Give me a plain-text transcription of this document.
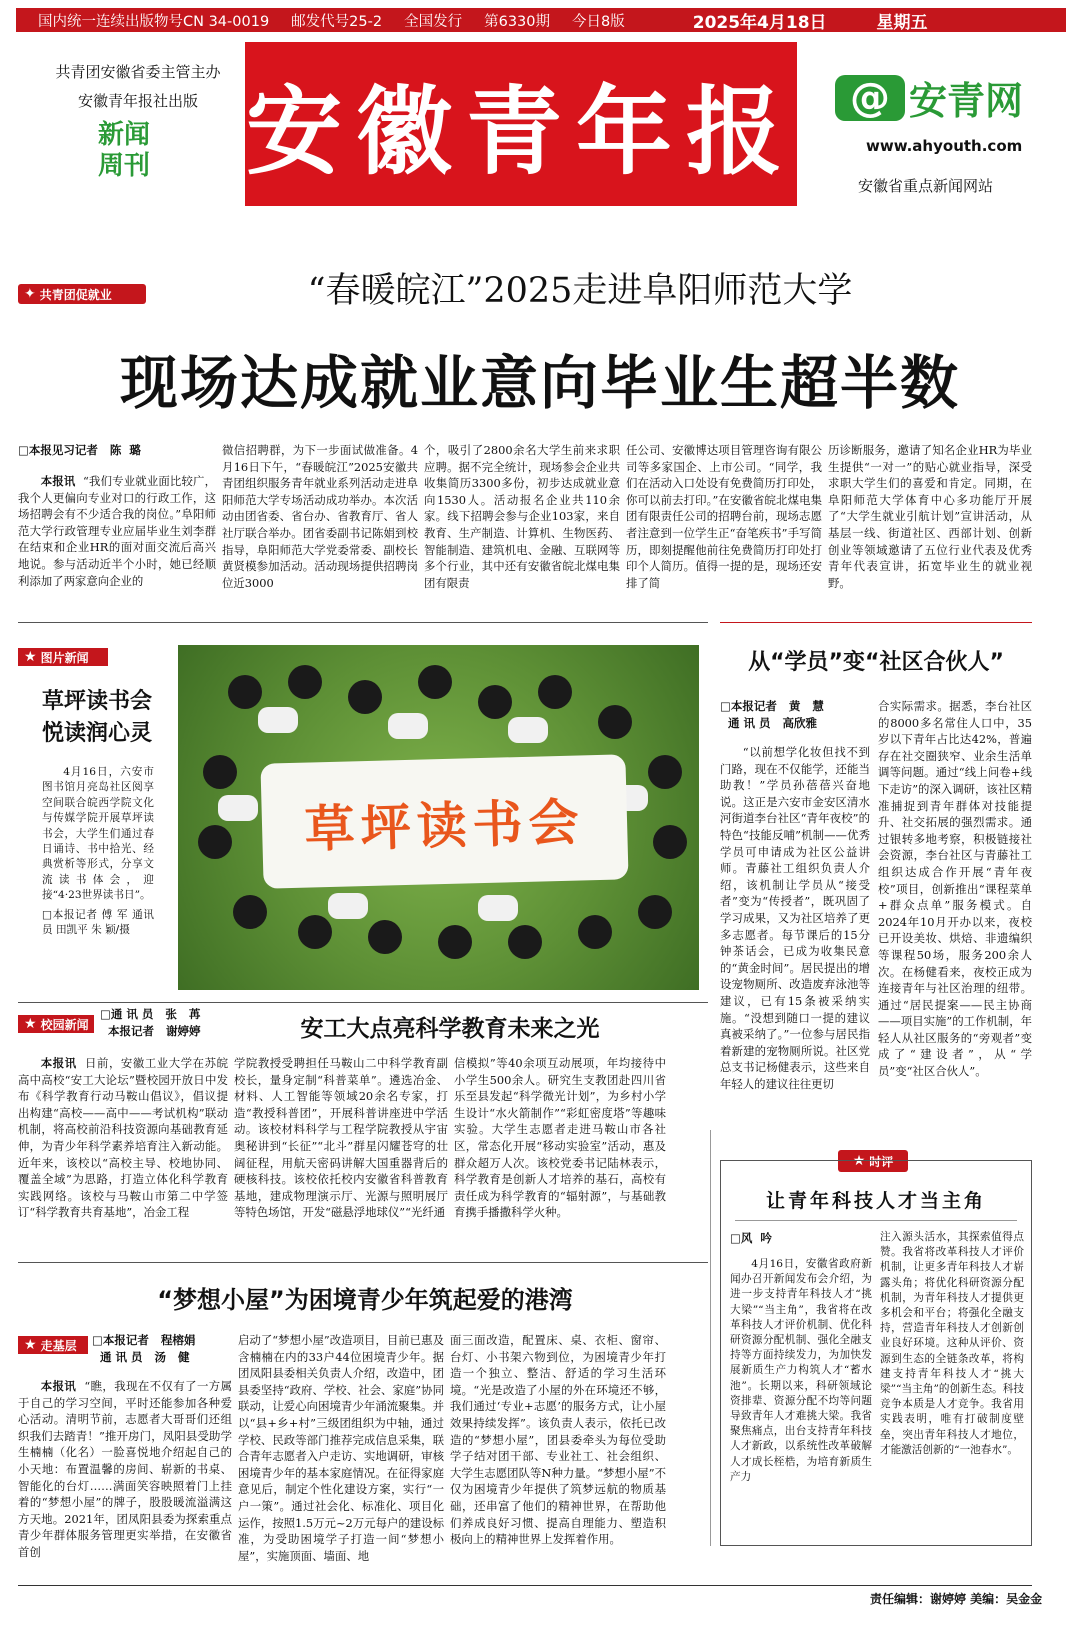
国内统一连续出版物号CN 34-0019	邮发代号25-2	全国发行	第6330期	今日8版	2025年4月18日	星期五
共青团安徽省委主管主办
安徽青年报社出版
新闻
周刊 安徽青年报	@ 安青网
www.ahyouth.com
安徽省重点新闻网站
✦ 共青团促就业	“春暖皖江”2025走进阜阳师范大学
现场达成就业意向毕业生超半数
□本报见习记者   陈  璐

本报讯 “我们专业就业面比较广，我个人更偏向专业对口的行政工作，这场招聘会有不少适合我的岗位。”阜阳师范大学行政管理专业应届毕业生刘李群在结束和企业HR的面对面交流后高兴地说。参与活动近半个小时，她已经顺利添加了两家意向企业的

微信招聘群，为下一步面试做准备。4月16日下午，“春暖皖江”2025安徽共青团组织服务青年就业系列活动走进阜阳师范大学专场活动成功举办。本次活动由团省委、省台办、省教育厅、省人社厅联合举办。团省委副书记陈娟到校指导，阜阳师范大学党委常委、副校长黄贤模参加活动。活动现场提供招聘岗位近3000
个，吸引了2800余名大学生前来求职应聘。据不完全统计，现场参会企业共收集简历3300多份，初步达成就业意向1530人。活动报名企业共110余家。线下招聘会参与企业103家，来自教育、生产制造、计算机、生物医药、智能制造、建筑机电、金融、互联网等多个行业，其中还有安徽省皖北煤电集团有限责
任公司、安徽博达项目管理咨询有限公司等多家国企、上市公司。“同学，我们在活动入口处设有免费简历打印处，你可以前去打印。”在安徽省皖北煤电集团有限责任公司的招聘台前，现场志愿者注意到一位学生正“奋笔疾书”手写简历，即刻提醒他前往免费简历打印处打印个人简历。值得一提的是，现场还安排了简
历诊断服务，邀请了知名企业HR为毕业生提供“一对一”的贴心就业指导，深受求职大学生们的喜爱和肯定。同期，在阜阳师范大学体育中心多功能厅开展了“大学生就业引航计划”宣讲活动，从基层一线、街道社区、西部计划、创新创业等领域邀请了五位行业代表及优秀青年代表宣讲，拓宽毕业生的就业视野。
★ 图片新闻
草坪读书会
悦读润心灵

4月16日，六安市图书馆月亮岛社区阅享空间联合皖西学院文化与传媒学院开展草坪读书会，大学生们通过春日诵诗、书中拾光、经典赏析等形式，分享文流读书体会，迎接“4·23世界读书日”。

□本报记者 傅 军 通讯员 田凯平 朱 颖/摄

草坪读书会
从“学员”变“社区合伙人”
□本报记者   黄   慧
通 讯 员   高欣雅

“以前想学化妆但找不到门路，现在不仅能学，还能当助教！”学员孙蓓蓓兴奋地说。这正是六安市金安区清水河街道李台社区“青年夜校”的特色“技能反哺”机制——优秀学员可申请成为社区公益讲师。青藤社工组织负责人介绍，该机制让学员从“接受者”变为“传授者”，既巩固了学习成果，又为社区培养了更多志愿者。每节课后的15分钟茶话会，已成为收集民意的“黄金时间”。居民提出的增设宠物厕所、改造废弃泳池等建议，已有15条被采纳实施。“没想到随口一提的建议真被采纳了。”一位参与居民指着新建的宠物厕所说。社区党总支书记杨健表示，这些来自年轻人的建议往往更切

合实际需求。据悉，李台社区的8000多名常住人口中，35岁以下青年占比达42%，普遍存在社交圈狭窄、业余生活单调等问题。通过“线上问卷+线下走访”的深入调研，该社区精准捕捉到青年群体对技能提升、社交拓展的强烈需求。通过银转多地考察，积极链接社会资源，李台社区与青藤社工组织达成合作开展“青年夜校”项目，创新推出“课程菜单+群众点单”服务模式。自2024年10月开办以来，夜校已开设美妆、烘焙、非遗编织等课程50场，服务200余人次。在杨健看来，夜校正成为连接青年与社区治理的纽带。通过“居民提案——民主协商——项目实施”的工作机制，年轻人从社区服务的“旁观者”变成了“建设者”，从“学员”变“社区合伙人”。
★ 校园新闻
□通 讯 员   张   苒
本报记者   谢婷婷	安工大点亮科学教育未来之光

本报讯 日前，安徽工业大学在苏皖高中高校“安工大论坛”暨校园开放日中发布《科学教育行动马鞍山倡议》，倡议提出构建“高校——高中——考试机构”联动机制，将高校前沿科技资源向基础教育延伸，为青少年科学素养培育注入新动能。近年来，该校以“高校主导、校地协同、覆盖全域”为思路，打造立体化科学教育实践网络。该校与马鞍山市第二中学签订“科学教育共育基地”，冶金工程

学院教授受聘担任马鞍山二中科学教育副校长，量身定制“科普菜单”。遴选冶金、材料、人工智能等领域20余名专家，打造“教授科普团”，开展科普讲座进中学活动。该校材料科学与工程学院教授从宇宙奥秘讲到“长征”“北斗”群星闪耀苍穹的壮阔征程，用航天密码讲解大国重器背后的硬核科技。该校依托校内安徽省科普教育基地，建成物理演示厅、光源与照明展厅等特色场馆，开发“磁悬浮地球仪”“光纤通
信模拟”等40余项互动展项，年均接待中小学生500余人。研究生支教团赴四川省乐至县发起“科学微光计划”，为乡村小学生设计“水火箭制作”“彩虹密度塔”等趣味实验。大学生志愿者走进马鞍山市各社区，常态化开展“移动实验室”活动，惠及群众超万人次。该校党委书记陆林表示，科学教育是创新人才培养的基石，高校有责任成为科学教育的“辐射源”，与基础教育携手播撒科学火种。
“梦想小屋”为困境青少年筑起爱的港湾
★ 走基层	□本报记者   程榕娟
通 讯 员   汤   健

本报讯 “瞧，我现在不仅有了一方属于自己的学习空间，平时还能参加各种爱心活动。清明节前，志愿者大哥哥们还组织我们去踏青！”推开房门，凤阳县受助学生楠楠（化名）一脸喜悦地介绍起自己的小天地：布置温馨的房间、崭新的书桌、智能化的台灯……满面笑容映照着门上挂着的“梦想小屋”的牌子，股股暖流溢满这方天地。2021年，团凤阳县委为探索重点青少年群体服务管理更实举措，在安徽省首创

启动了“梦想小屋”改造项目，目前已惠及含楠楠在内的33户44位困境青少年。据团凤阳县委相关负责人介绍，改造中，团县委坚持“政府、学校、社会、家庭”协同联动，让爱心向困境青少年涌流聚集。并以“县+乡+村”三级团组织为中轴，通过学校、民政等部门推荐完成信息采集，联合青年志愿者入户走访、实地调研，审核困境青少年的基本家庭情况。在征得家庭意见后，制定个性化建设方案，实行“一户一策”。通过社会化、标准化、项目化运作，按照1.5万元~2万元每户的建设标准，为受助困境学子打造一间“梦想小屋”，实施顶面、墙面、地
面三面改造，配置床、桌、衣柜、窗帘、台灯、小书架六物到位，为困境青少年打造一个独立、整洁、舒适的学习生活环境。“光是改造了小屋的外在环境还不够，我们通过‘专业+志愿’的服务方式，让小屋效果持续发挥”。该负责人表示，依托已改造的“梦想小屋”，团县委牵头为每位受助学子结对团干部、专业社工、社会组织、大学生志愿团队等N种力量。“梦想小屋”不仅为困境青少年提供了筑梦远航的物质基础，还串富了他们的精神世界，在帮助他们养成良好习惯、提高自理能力、塑造积极向上的精神世界上发挥着作用。
★ 时评
让青年科技人才当主角
□风  吟

4月16日，安徽省政府新闻办召开新闻发布会介绍，为进一步支持青年科技人才“挑大梁”“当主角”，我省将在改革科技人才评价机制、优化科研资源分配机制、强化全融支持等方面持续发力，为加快发展新质生产力构筑人才“蓄水池”。长期以来，科研领域论资排辈、资源分配不均等问题导致青年人才难挑大梁。我省聚焦痛点，出台支持青年科技人才新政，以系统性改革破解人才成长桎梏，为培育新质生产力

注入源头活水，其探索值得点赞。我省将改革科技人才评价机制，让更多青年科技人才崭露头角；将优化科研资源分配机制，为青年科技人才提供更多机会和平台；将强化全融支持，营造青年科技人才创新创业良好环境。这种从评价、资源到生态的全链条改革，将构建支持青年科技人才“挑大梁”“当主角”的创新生态。科技竞争本质是人才竞争。我省用实践表明，唯有打破制度壁垒，突出青年科技人才地位，才能激活创新的“一池春水”。
责任编辑：谢婷婷 美编：吴金金
